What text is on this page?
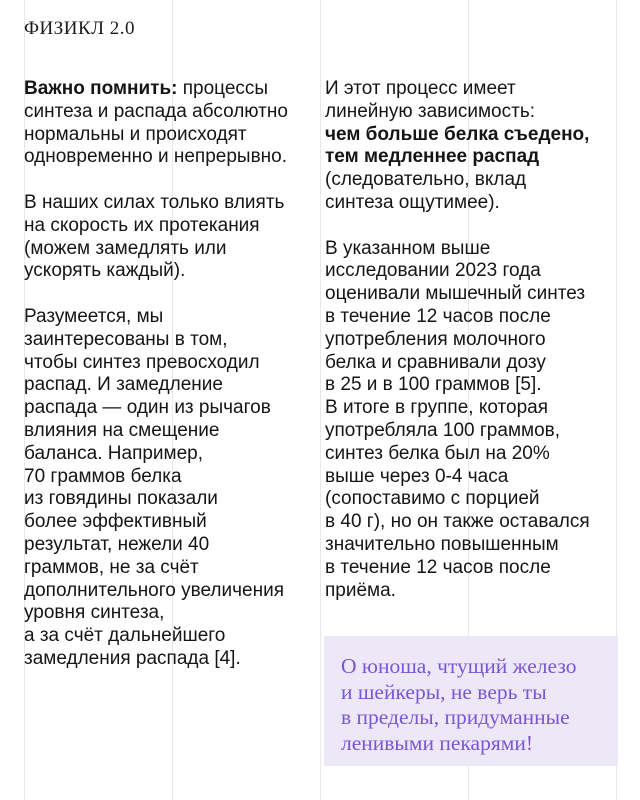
ФИЗИКЛ 2.0
Важно помнить: процессы
синтеза и распада абсолютно
нормальны и происходят
одновременно и непрерывно.
В наших силах только влиять
на скорость их протекания
(можем замедлять или
ускорять каждый).
Разумеется, мы
заинтересованы в том,
чтобы синтез превосходил
распад. И замедление
распада — один из рычагов
влияния на смещение
баланса. Например,
70 граммов белка
из говядины показали
более эффективный
результат, нежели 40
граммов, не за счёт
дополнительного увеличения
уровня синтеза,
а за счёт дальнейшего
замедления распада [4].
И этот процесс имеет
линейную зависимость:
чем больше белка съедено,
тем медленнее распад
(следовательно, вклад
синтеза ощутимее).
В указанном выше
исследовании 2023 года
оценивали мышечный синтез
в течение 12 часов после
употребления молочного
белка и сравнивали дозу
в 25 и в 100 граммов [5].
В итоге в группе, которая
употребляла 100 граммов,
синтез белка был на 20%
выше через 0-4 часа
(сопоставимо с порцией
в 40 г), но он также оставался
значительно повышенным
в течение 12 часов после
приёма.
О юноша, чтущий железо
и шейкеры, не верь ты
в пределы, придуманные
ленивыми пекарями!
